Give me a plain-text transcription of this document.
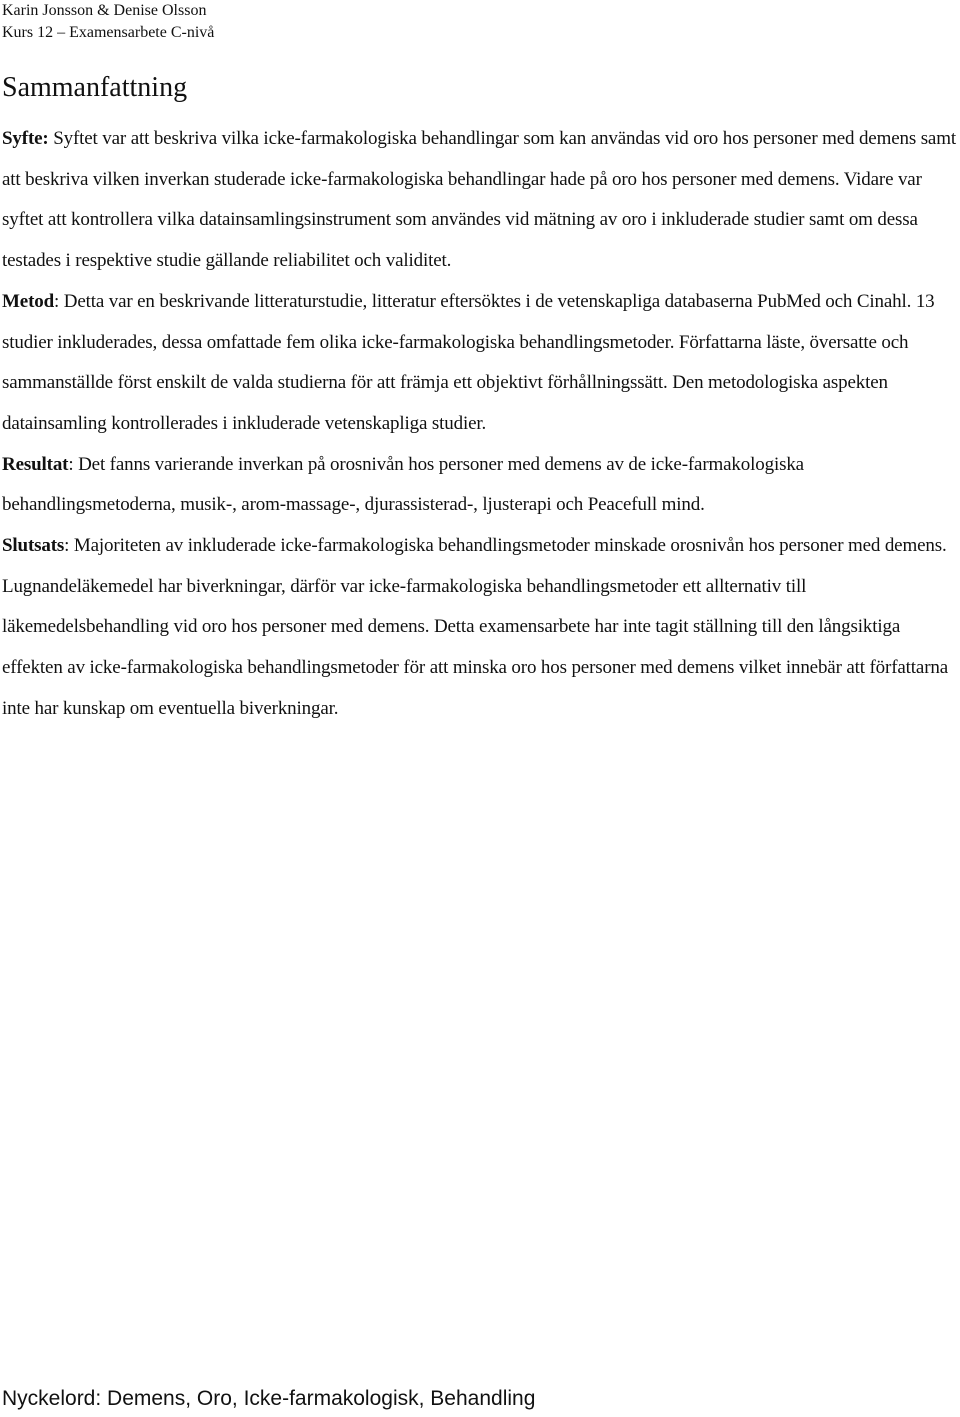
Karin Jonsson & Denise Olsson
Kurs 12 – Examensarbete C-nivå
Sammanfattning

Syfte: Syftet var att beskriva vilka icke-farmakologiska behandlingar som kan användas vid oro hos personer med demens samt att beskriva vilken inverkan studerade icke-farmakologiska behandlingar hade på oro hos personer med demens. Vidare var syftet att kontrollera vilka datainsamlingsinstrument som användes vid mätning av oro i inkluderade studier samt om dessa testades i respektive studie gällande reliabilitet och validitet.

Metod: Detta var en beskrivande litteraturstudie, litteratur eftersöktes i de vetenskapliga databaserna PubMed och Cinahl. 13 studier inkluderades, dessa omfattade fem olika icke-farmakologiska behandlingsmetoder. Författarna läste, översatte och sammanställde först enskilt de valda studierna för att främja ett objektivt förhållningssätt. Den metodologiska aspekten datainsamling kontrollerades i inkluderade vetenskapliga studier.

Resultat: Det fanns varierande inverkan på orosnivån hos personer med demens av de icke-farmakologiska behandlingsmetoderna, musik-, arom-massage-, djurassisterad-, ljusterapi och Peacefull mind.

Slutsats: Majoriteten av inkluderade icke-farmakologiska behandlingsmetoder minskade orosnivån hos personer med demens. Lugnandeläkemedel har biverkningar, därför var icke-farmakologiska behandlingsmetoder ett allternativ till läkemedelsbehandling vid oro hos personer med demens. Detta examensarbete har inte tagit ställning till den långsiktiga effekten av icke-farmakologiska behandlingsmetoder för att minska oro hos personer med demens vilket innebär att författarna inte har kunskap om eventuella biverkningar.

Nyckelord: Demens, Oro, Icke-farmakologisk, Behandling
